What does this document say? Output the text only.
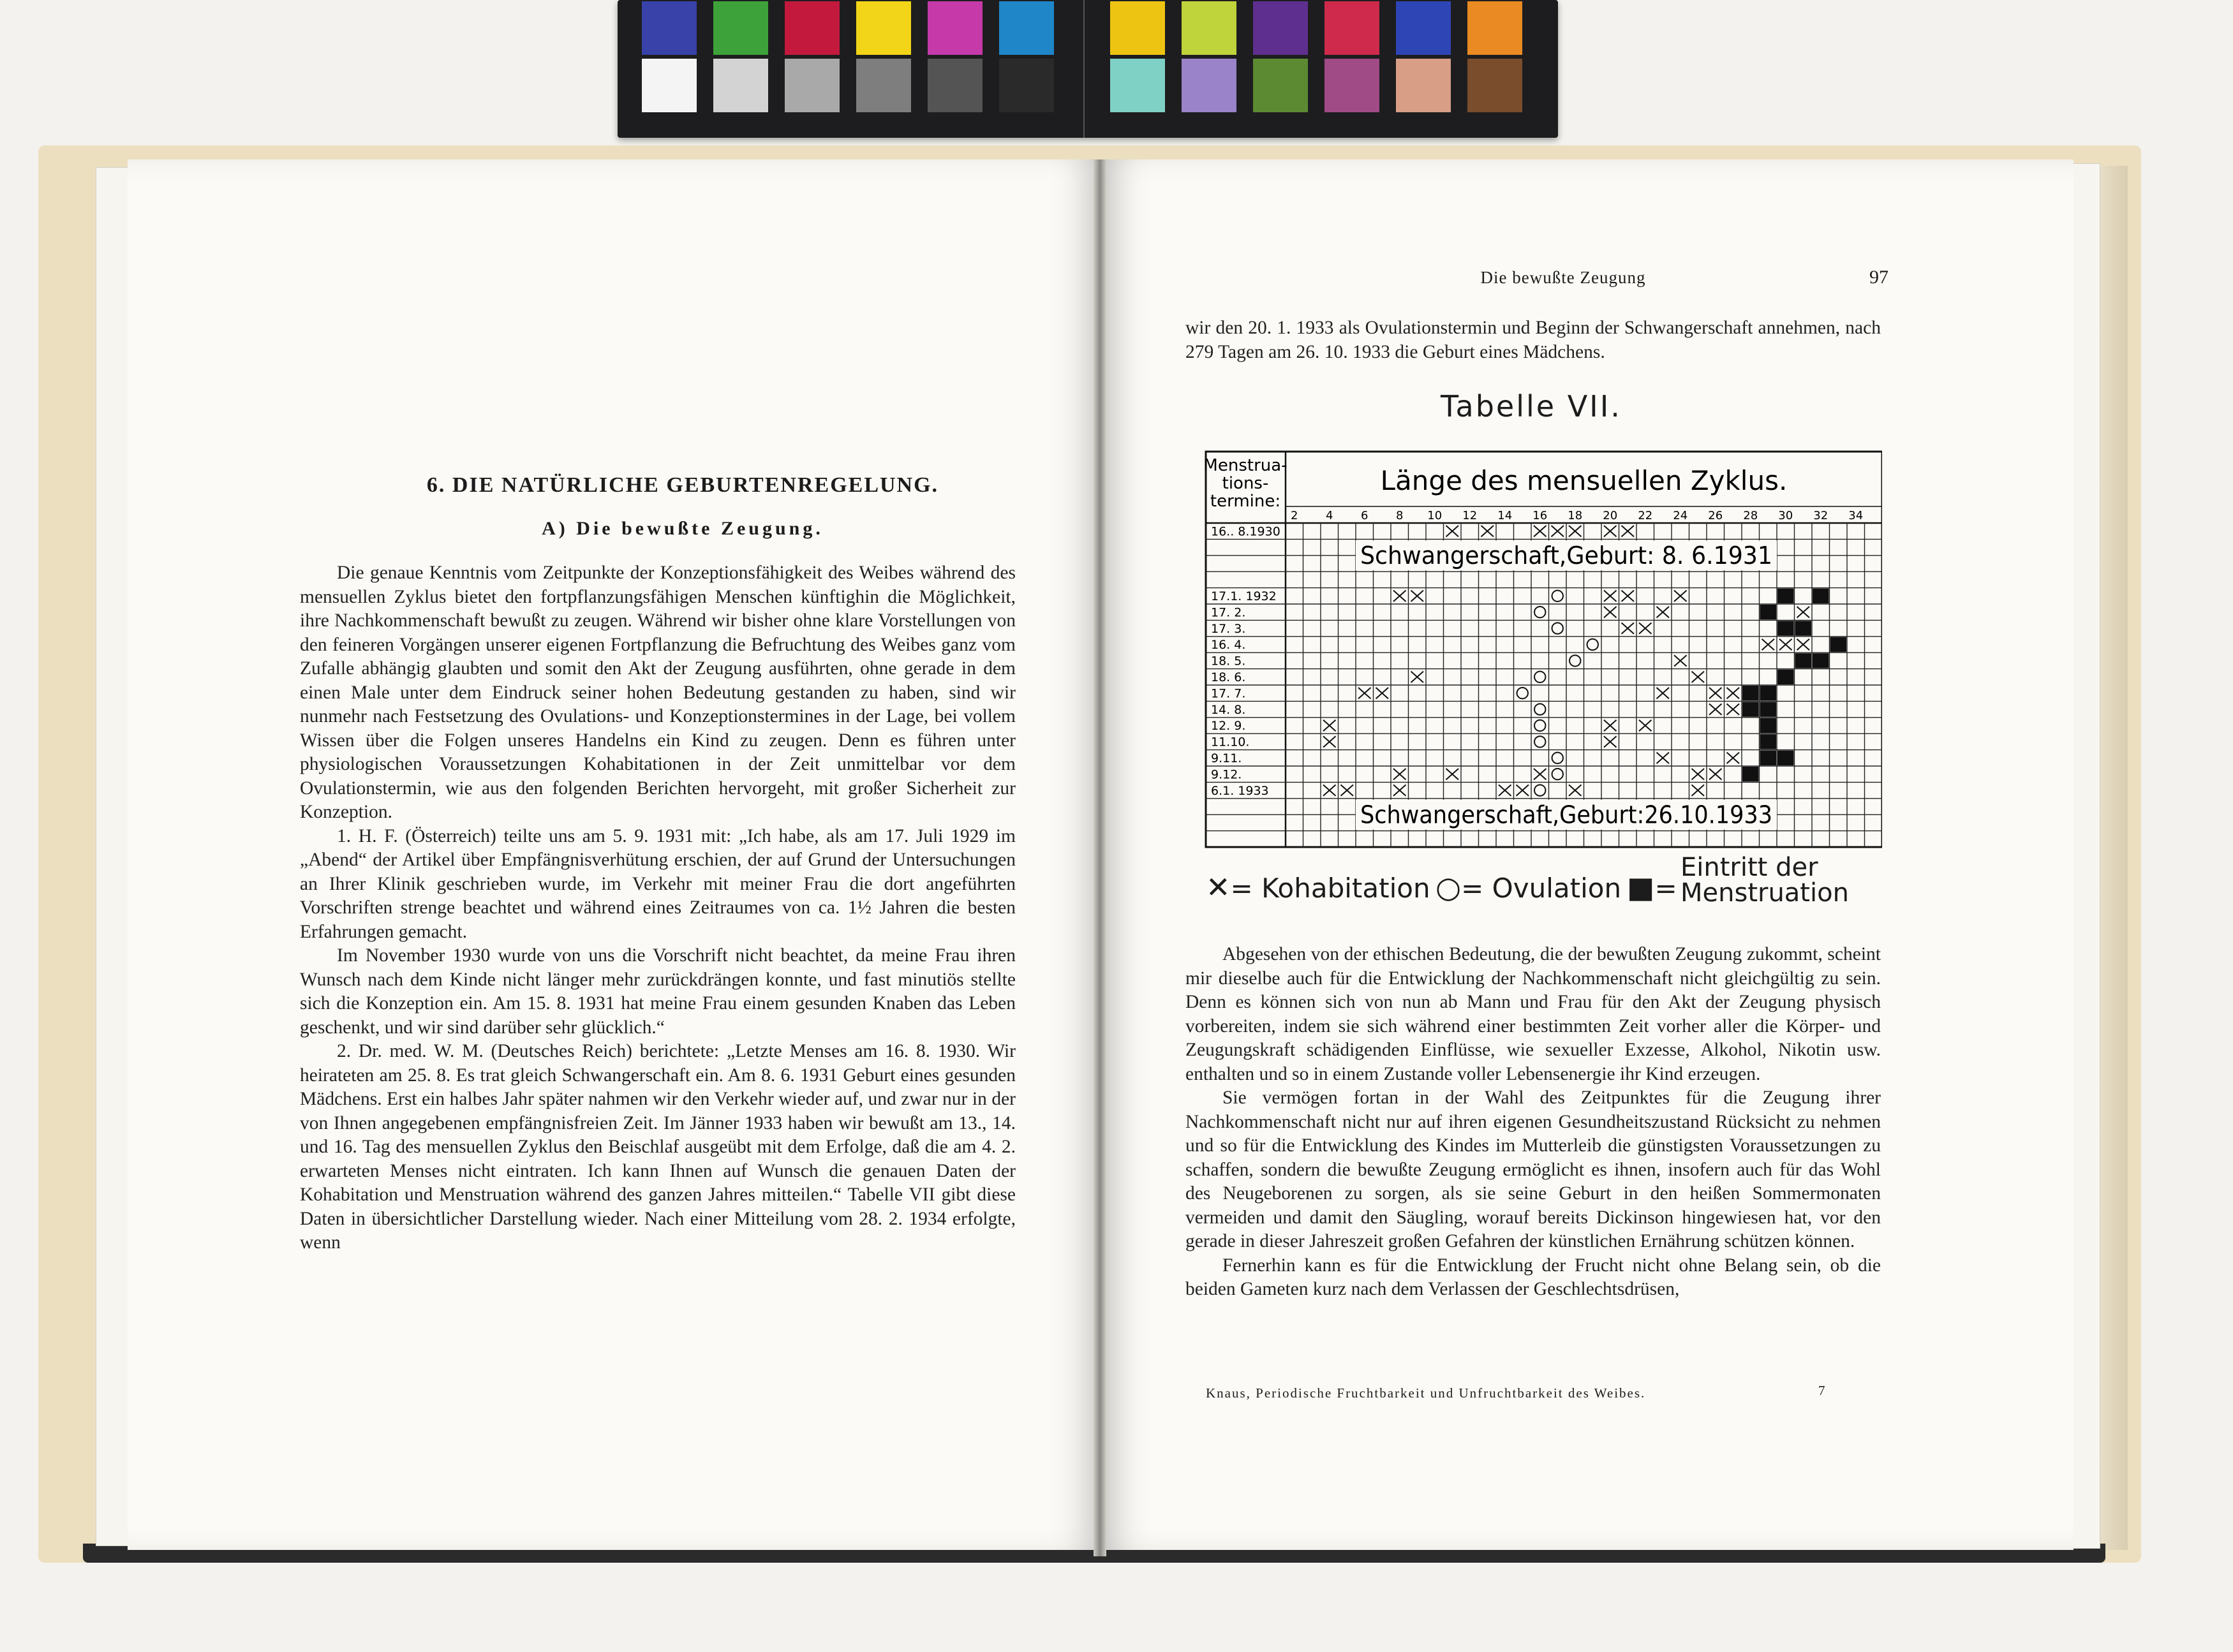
6. DIE NATÜRLICHE GEBURTENREGELUNG.
A) Die bewußte Zeugung.

Die genaue Kenntnis vom Zeitpunkte der Konzeptionsfähigkeit des Weibes während des mensuellen Zyklus bietet den fortpflanzungsfähigen Menschen künftighin die Möglichkeit, ihre Nachkommenschaft bewußt zu zeugen. Während wir bisher ohne klare Vorstellungen von den feineren Vorgängen unserer eigenen Fortpflanzung die Befruchtung des Weibes ganz vom Zufalle abhängig glaubten und somit den Akt der Zeugung ausführten, ohne gerade in dem einen Male unter dem Eindruck seiner hohen Bedeutung gestanden zu haben, sind wir nunmehr nach Festsetzung des Ovulations- und Konzeptionstermines in der Lage, bei vollem Wissen über die Folgen unseres Handelns ein Kind zu zeugen. Denn es führen unter physiologischen Voraussetzungen Kohabitationen in der Zeit unmittelbar vor dem Ovulationstermin, wie aus den folgenden Berichten hervorgeht, mit großer Sicherheit zur Konzeption.

1. H. F. (Österreich) teilte uns am 5. 9. 1931 mit: „Ich habe, als am 17. Juli 1929 im „Abend“ der Artikel über Empfängnisverhütung erschien, der auf Grund der Untersuchungen an Ihrer Klinik geschrieben wurde, im Verkehr mit meiner Frau die dort angeführten Vorschriften strenge beachtet und während eines Zeitraumes von ca. 1½ Jahren die besten Erfahrungen gemacht.

Im November 1930 wurde von uns die Vorschrift nicht beachtet, da meine Frau ihren Wunsch nach dem Kinde nicht länger mehr zurückdrängen konnte, und fast minutiös stellte sich die Konzeption ein. Am 15. 8. 1931 hat meine Frau einem gesunden Knaben das Leben geschenkt, und wir sind darüber sehr glücklich.“

2. Dr. med. W. M. (Deutsches Reich) berichtete: „Letzte Menses am 16. 8. 1930. Wir heirateten am 25. 8. Es trat gleich Schwangerschaft ein. Am 8. 6. 1931 Geburt eines gesunden Mädchens. Erst ein halbes Jahr später nahmen wir den Verkehr wieder auf, und zwar nur in der von Ihnen angegebenen empfängnisfreien Zeit. Im Jänner 1933 haben wir bewußt am 13., 14. und 16. Tag des mensuellen Zyklus den Beischlaf ausgeübt mit dem Erfolge, daß die am 4. 2. erwarteten Menses nicht eintraten. Ich kann Ihnen auf Wunsch die genauen Daten der Kohabitation und Menstruation während des ganzen Jahres mitteilen.“ Tabelle VII gibt diese Daten in übersichtlicher Darstellung wieder. Nach einer Mitteilung vom 28. 2. 1934 erfolgte, wenn

Die bewußte Zeugung	97

wir den 20. 1. 1933 als Ovulationstermin und Beginn der Schwangerschaft annehmen, nach 279 Tagen am 26. 10. 1933 die Geburt eines Mädchens.

Tabelle VII.
Menstrua-
tions-
termine:
Länge des mensuellen Zyklus.
2 4 6 8 10 12 14 16 18 20 22 24 26 28 30 32 34
16.. 8.1930
17.1. 1932
17. 2.
17. 3.
16. 4.
18. 5.
18. 6.
17. 7.
14. 8.
12. 9.
11.10.
9.11.
9.12.
6.1. 1933
Schwangerschaft,Geburt: 8. 6.1931
Schwangerschaft,Geburt:26.10.1933
✕= Kohabitation ○= Ovulation ■=
Eintritt der
Menstruation

Abgesehen von der ethischen Bedeutung, die der bewußten Zeugung zukommt, scheint mir dieselbe auch für die Entwicklung der Nachkommenschaft nicht gleichgültig zu sein. Denn es können sich von nun ab Mann und Frau für den Akt der Zeugung physisch vorbereiten, indem sie sich während einer bestimmten Zeit vorher aller die Körper- und Zeugungskraft schädigenden Einflüsse, wie sexueller Exzesse, Alkohol, Nikotin usw. enthalten und so in einem Zustande voller Lebensenergie ihr Kind erzeugen.

Sie vermögen fortan in der Wahl des Zeitpunktes für die Zeugung ihrer Nachkommenschaft nicht nur auf ihren eigenen Gesundheitszustand Rücksicht zu nehmen und so für die Entwicklung des Kindes im Mutterleib die günstigsten Voraussetzungen zu schaffen, sondern die bewußte Zeugung ermöglicht es ihnen, insofern auch für das Wohl des Neugeborenen zu sorgen, als sie seine Geburt in den heißen Sommermonaten vermeiden und damit den Säugling, worauf bereits Dickinson hingewiesen hat, vor den gerade in dieser Jahreszeit großen Gefahren der künstlichen Ernährung schützen können.

Fernerhin kann es für die Entwicklung der Frucht nicht ohne Belang sein, ob die beiden Gameten kurz nach dem Verlassen der Geschlechtsdrüsen,

Knaus, Periodische Fruchtbarkeit und Unfruchtbarkeit des Weibes.	7
